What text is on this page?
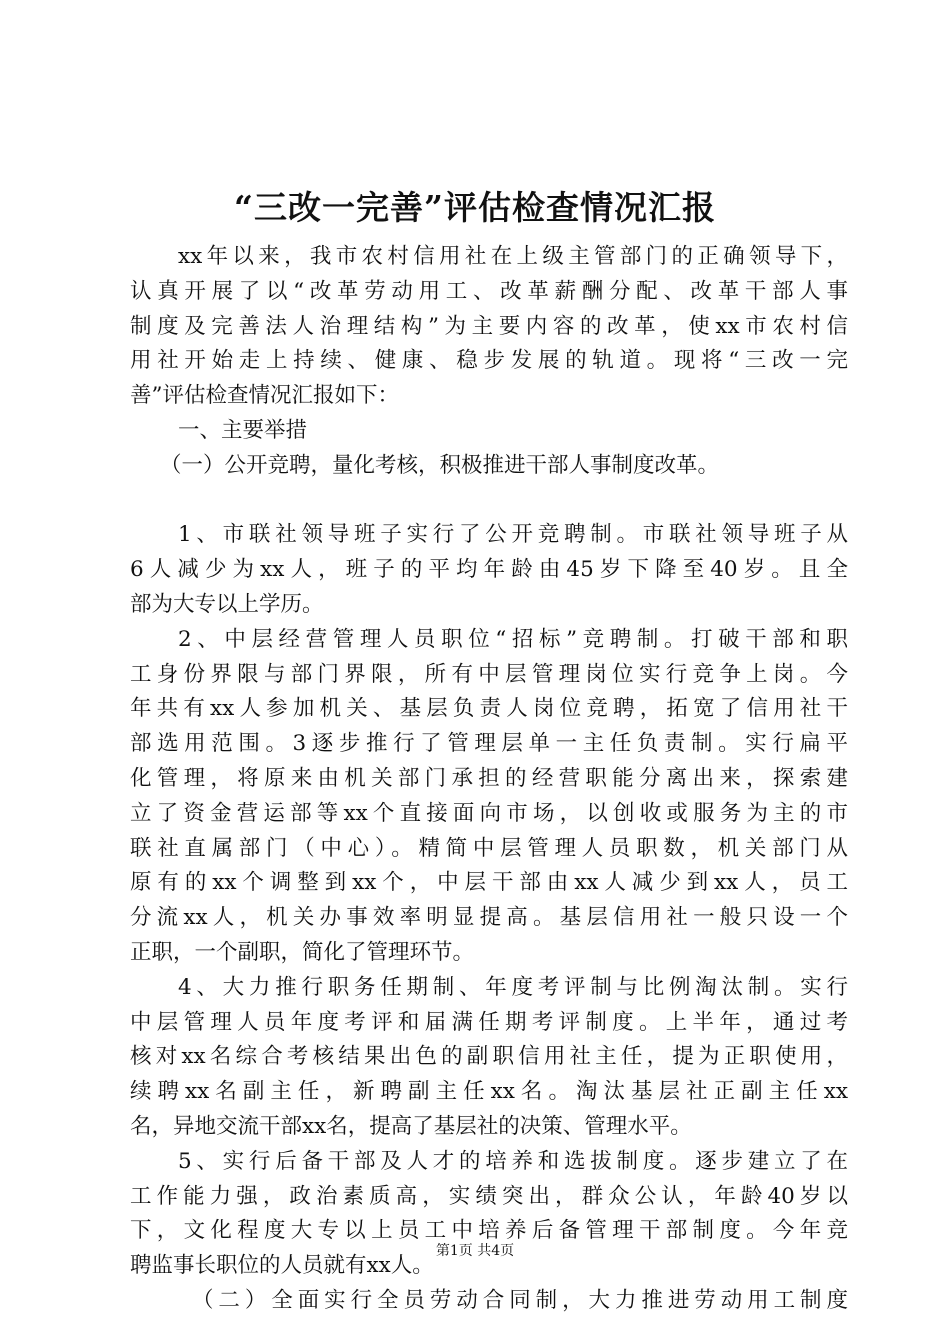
“三改一完善”评估检查情况汇报
xx年以来，我市农村信用社在上级主管部门的正确领导下，
认真开展了以“改革劳动用工、改革薪酬分配、改革干部人事
制度及完善法人治理结构”为主要内容的改革，使xx市农村信
用社开始走上持续、健康、稳步发展的轨道。现将“三改一完
善”评估检查情况汇报如下：
一、主要举措
（一）公开竞聘，量化考核，积极推进干部人事制度改革。
1、市联社领导班子实行了公开竞聘制。市联社领导班子从
6人减少为xx人，班子的平均年龄由45岁下降至40岁。且全
部为大专以上学历。
2、中层经营管理人员职位“招标”竞聘制。打破干部和职
工身份界限与部门界限，所有中层管理岗位实行竞争上岗。今
年共有xx人参加机关、基层负责人岗位竞聘，拓宽了信用社干
部选用范围。3逐步推行了管理层单一主任负责制。实行扁平
化管理，将原来由机关部门承担的经营职能分离出来，探索建
立了资金营运部等xx个直接面向市场，以创收或服务为主的市
联社直属部门（中心）。精简中层管理人员职数，机关部门从
原有的xx个调整到xx个，中层干部由xx人减少到xx人，员工
分流xx人，机关办事效率明显提高。基层信用社一般只设一个
正职，一个副职，简化了管理环节。
4、大力推行职务任期制、年度考评制与比例淘汰制。实行
中层管理人员年度考评和届满任期考评制度。上半年，通过考
核对xx名综合考核结果出色的副职信用社主任，提为正职使用，
续聘xx名副主任，新聘副主任xx名。淘汰基层社正副主任xx
名，异地交流干部xx名，提高了基层社的决策、管理水平。
5、实行后备干部及人才的培养和选拔制度。逐步建立了在
工作能力强，政治素质高，实绩突出，群众公认，年龄40岁以
下，文化程度大专以上员工中培养后备管理干部制度。今年竞
聘监事长职位的人员就有xx人。
（二）全面实行全员劳动合同制，大力推进劳动用工制度
第1页 共4页
